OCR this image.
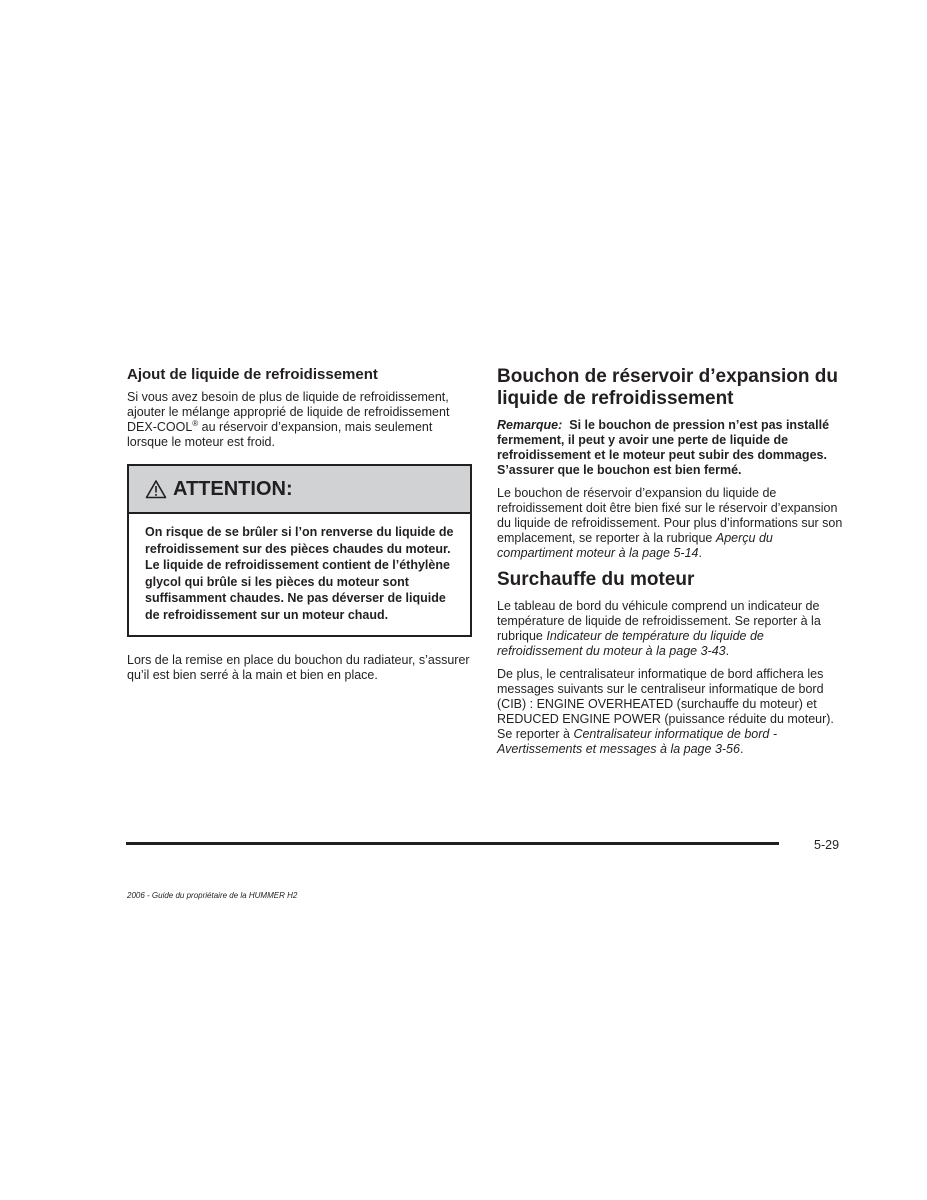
Ajout de liquide de refroidissement

Si vous avez besoin de plus de liquide de refroidissement, ajouter le mélange approprié de liquide de refroidissement DEX-COOL® au réservoir d’expansion, mais seulement lorsque le moteur est froid.

ATTENTION:
On risque de se brûler si l’on renverse du liquide de refroidissement sur des pièces chaudes du moteur. Le liquide de refroidissement contient de l’éthylène glycol qui brûle si les pièces du moteur sont suffisamment chaudes. Ne pas déverser de liquide de refroidissement sur un moteur chaud.

Lors de la remise en place du bouchon du radiateur, s’assurer qu’il est bien serré à la main et bien en place.

Bouchon de réservoir d’expansion du liquide de refroidissement

Remarque: Si le bouchon de pression n’est pas installé fermement, il peut y avoir une perte de liquide de refroidissement et le moteur peut subir des dommages. S’assurer que le bouchon est bien fermé.

Le bouchon de réservoir d’expansion du liquide de refroidissement doit être bien fixé sur le réservoir d’expansion du liquide de refroidissement. Pour plus d’informations sur son emplacement, se reporter à la rubrique Aperçu du compartiment moteur à la page 5-14.

Surchauffe du moteur

Le tableau de bord du véhicule comprend un indicateur de température de liquide de refroidissement. Se reporter à la rubrique Indicateur de température du liquide de refroidissement du moteur à la page 3-43.

De plus, le centralisateur informatique de bord affichera les messages suivants sur le centraliseur informatique de bord (CIB) : ENGINE OVERHEATED (surchauffe du moteur) et REDUCED ENGINE POWER (puissance réduite du moteur). Se reporter à Centralisateur informatique de bord - Avertissements et messages à la page 3-56.

5-29
2006 - Guide du propriétaire de la HUMMER H2
